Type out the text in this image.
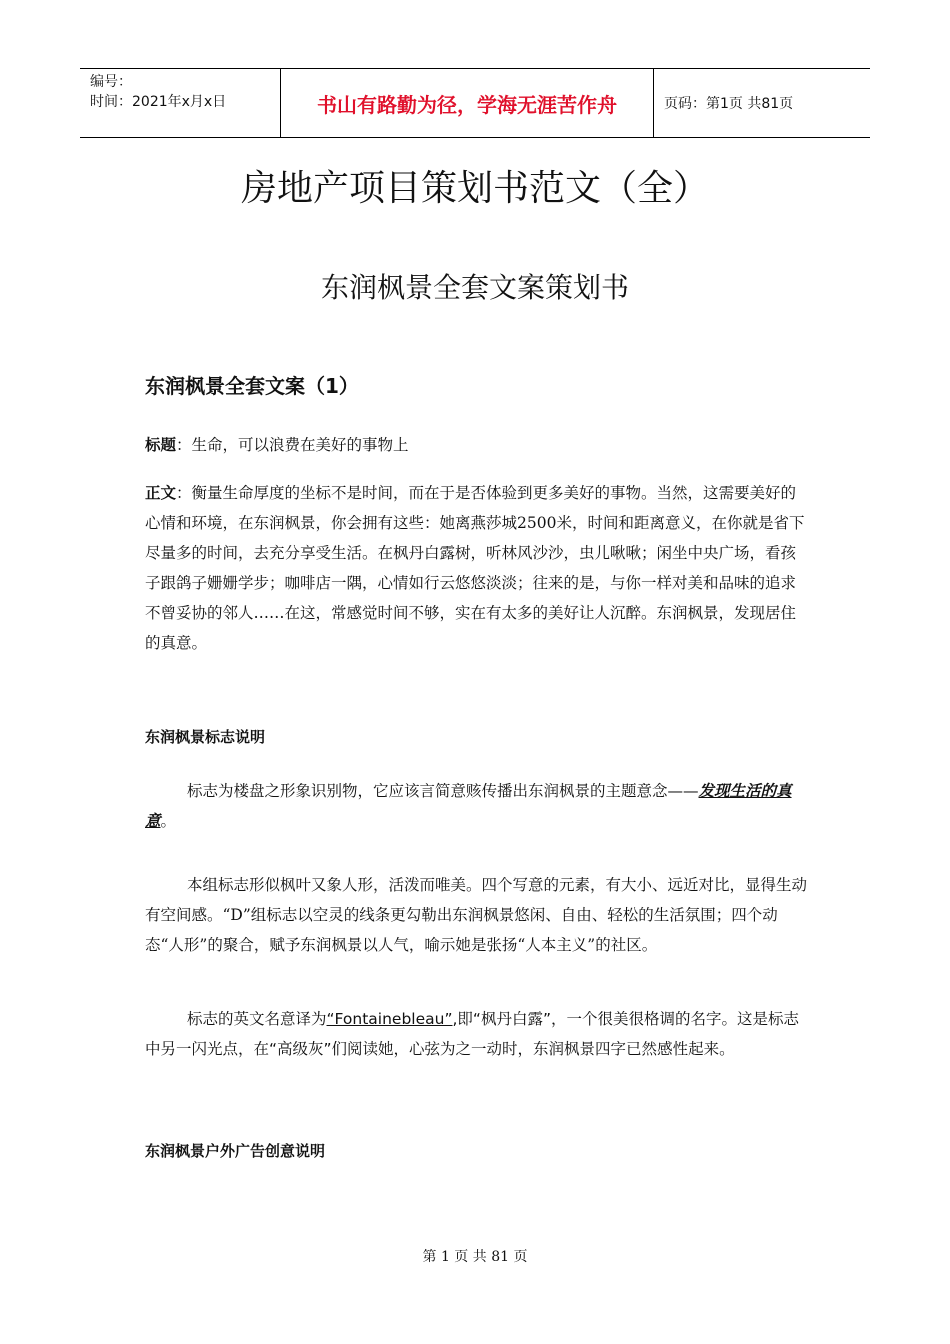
编号：
时间：2021年x月x日	书山有路勤为径，学海无涯苦作舟	页码：第1页 共81页
房地产项目策划书范文（全）
东润枫景全套文案策划书
东润枫景全套文案（1）
标题：生命，可以浪费在美好的事物上
正文：衡量生命厚度的坐标不是时间，而在于是否体验到更多美好的事物。当然，这需要美好的心情和环境，在东润枫景，你会拥有这些：她离燕莎城2500米，时间和距离意义，在你就是省下尽量多的时间，去充分享受生活。在枫丹白露树，听林风沙沙，虫儿啾啾；闲坐中央广场，看孩子跟鸽子姗姗学步；咖啡店一隅，心情如行云悠悠淡淡；往来的是，与你一样对美和品味的追求不曾妥协的邻人……在这，常感觉时间不够，实在有太多的美好让人沉醉。东润枫景，发现居住的真意。
东润枫景标志说明
标志为楼盘之形象识别物，它应该言简意赅传播出东润枫景的主题意念——发现生活的真意。
本组标志形似枫叶又象人形，活泼而唯美。四个写意的元素，有大小、远近对比，显得生动有空间感。“D”组标志以空灵的线条更勾勒出东润枫景悠闲、自由、轻松的生活氛围；四个动态“人形”的聚合，赋予东润枫景以人气，喻示她是张扬“人本主义”的社区。
标志的英文名意译为“Fontainebleau”,即“枫丹白露”，一个很美很格调的名字。这是标志中另一闪光点，在“高级灰”们阅读她，心弦为之一动时，东润枫景四字已然感性起来。
东润枫景户外广告创意说明
第 1 页 共 81 页
